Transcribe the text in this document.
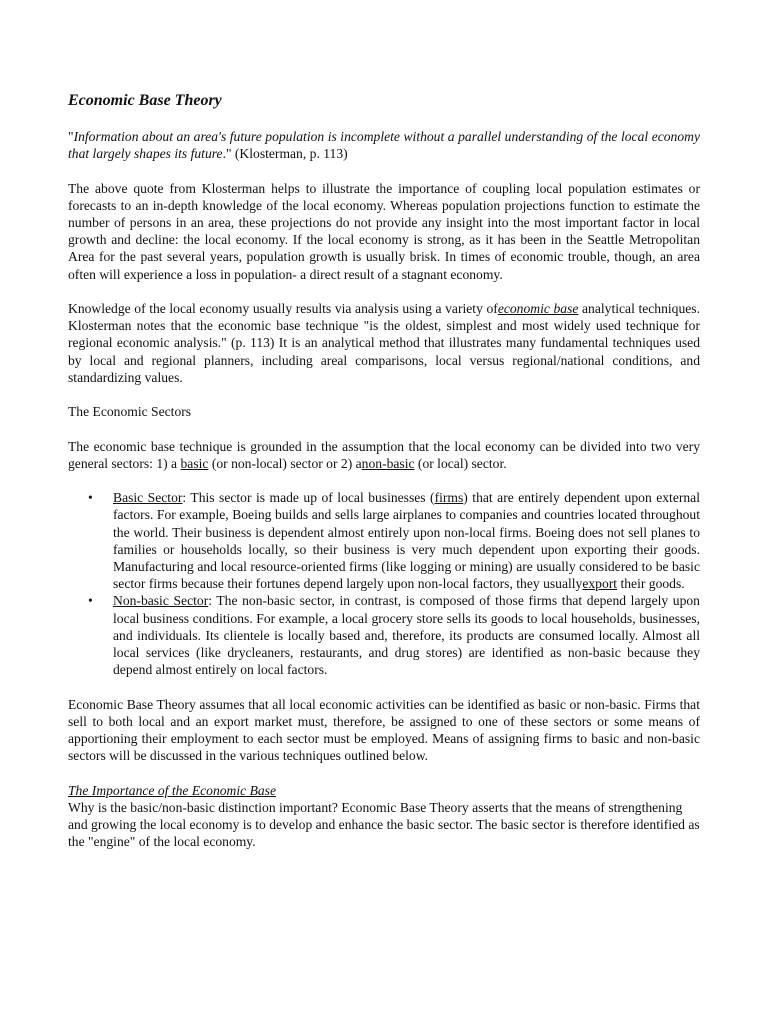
Economic Base Theory

"Information about an area's future population is incomplete without a parallel understanding of the local economy that largely shapes its future." (Klosterman, p. 113)

The above quote from Klosterman helps to illustrate the importance of coupling local population estimates or forecasts to an in-depth knowledge of the local economy. Whereas population projections function to estimate the number of persons in an area, these projections do not provide any insight into the most important factor in local growth and decline: the local economy. If the local economy is strong, as it has been in the Seattle Metropolitan Area for the past several years, population growth is usually brisk. In times of economic trouble, though, an area often will experience a loss in population- a direct result of a stagnant economy.

Knowledge of the local economy usually results via analysis using a variety ofeconomic base analytical techniques. Klosterman notes that the economic base technique "is the oldest, simplest and most widely used technique for regional economic analysis." (p. 113) It is an analytical method that illustrates many fundamental techniques used by local and regional planners, including areal comparisons, local versus regional/national conditions, and standardizing values.

The Economic Sectors

The economic base technique is grounded in the assumption that the local economy can be divided into two very general sectors: 1) a basic (or non-local) sector or 2) anon-basic (or local) sector.

• Basic Sector: This sector is made up of local businesses (firms) that are entirely dependent upon external factors. For example, Boeing builds and sells large airplanes to companies and countries located throughout the world. Their business is dependent almost entirely upon non-local firms. Boeing does not sell planes to families or households locally, so their business is very much dependent upon exporting their goods. Manufacturing and local resource-oriented firms (like logging or mining) are usually considered to be basic sector firms because their fortunes depend largely upon non-local factors, they usuallyexport their goods.
• Non-basic Sector: The non-basic sector, in contrast, is composed of those firms that depend largely upon local business conditions. For example, a local grocery store sells its goods to local households, businesses, and individuals. Its clientele is locally based and, therefore, its products are consumed locally. Almost all local services (like drycleaners, restaurants, and drug stores) are identified as non-basic because they depend almost entirely on local factors.

Economic Base Theory assumes that all local economic activities can be identified as basic or non-basic. Firms that sell to both local and an export market must, therefore, be assigned to one of these sectors or some means of apportioning their employment to each sector must be employed. Means of assigning firms to basic and non-basic sectors will be discussed in the various techniques outlined below.

The Importance of the Economic Base

Why is the basic/non-basic distinction important? Economic Base Theory asserts that the means of strengthening and growing the local economy is to develop and enhance the basic sector. The basic sector is therefore identified as the "engine" of the local economy.
